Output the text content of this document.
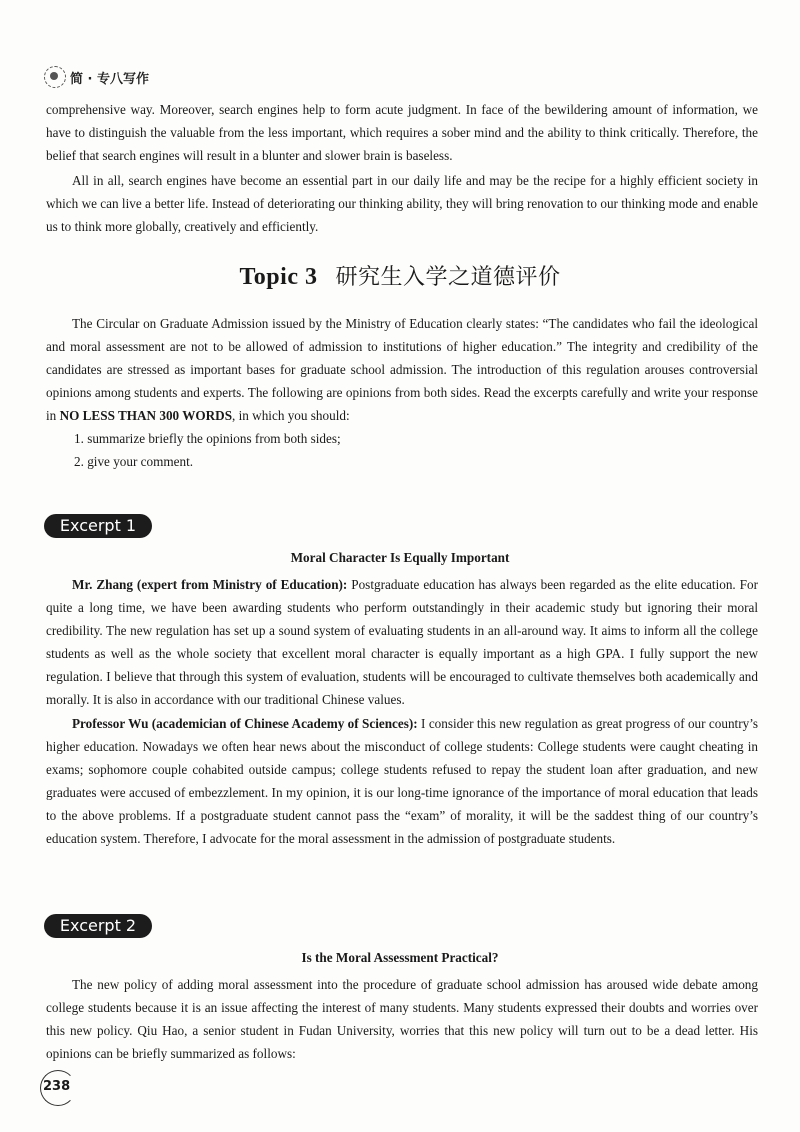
简 · 专八写作

comprehensive way. Moreover, search engines help to form acute judgment. In face of the bewildering amount of information, we have to distinguish the valuable from the less important, which requires a sober mind and the ability to think critically. Therefore, the belief that search engines will result in a blunter and slower brain is baseless.

All in all, search engines have become an essential part in our daily life and may be the recipe for a highly efficient society in which we can live a better life. Instead of deteriorating our thinking ability, they will bring renovation to our thinking mode and enable us to think more globally, creatively and efficiently.

Topic 3 研究生入学之道德评价

The Circular on Graduate Admission issued by the Ministry of Education clearly states: “The candidates who fail the ideological and moral assessment are not to be allowed of admission to institutions of higher education.” The integrity and credibility of the candidates are stressed as important bases for graduate school admission. The introduction of this regulation arouses controversial opinions among students and experts. The following are opinions from both sides. Read the excerpts carefully and write your response in NO LESS THAN 300 WORDS, in which you should:

1. summarize briefly the opinions from both sides;

2. give your comment.

Excerpt 1
Moral Character Is Equally Important

Mr. Zhang (expert from Ministry of Education): Postgraduate education has always been regarded as the elite education. For quite a long time, we have been awarding students who perform outstandingly in their academic study but ignoring their moral credibility. The new regulation has set up a sound system of evaluating students in an all-around way. It aims to inform all the college students as well as the whole society that excellent moral character is equally important as a high GPA. I fully support the new regulation. I believe that through this system of evaluation, students will be encouraged to cultivate themselves both academically and morally. It is also in accordance with our traditional Chinese values.

Professor Wu (academician of Chinese Academy of Sciences): I consider this new regulation as great progress of our country’s higher education. Nowadays we often hear news about the misconduct of college students: College students were caught cheating in exams; sophomore couple cohabited outside campus; college students refused to repay the student loan after graduation, and new graduates were accused of embezzlement. In my opinion, it is our long-time ignorance of the importance of moral education that leads to the above problems. If a postgraduate student cannot pass the “exam” of morality, it will be the saddest thing of our country’s education system. Therefore, I advocate for the moral assessment in the admission of postgraduate students.

Excerpt 2
Is the Moral Assessment Practical?

The new policy of adding moral assessment into the procedure of graduate school admission has aroused wide debate among college students because it is an issue affecting the interest of many students. Many students expressed their doubts and worries over this new policy. Qiu Hao, a senior student in Fudan University, worries that this new policy will turn out to be a dead letter. His opinions can be briefly summarized as follows:

238
